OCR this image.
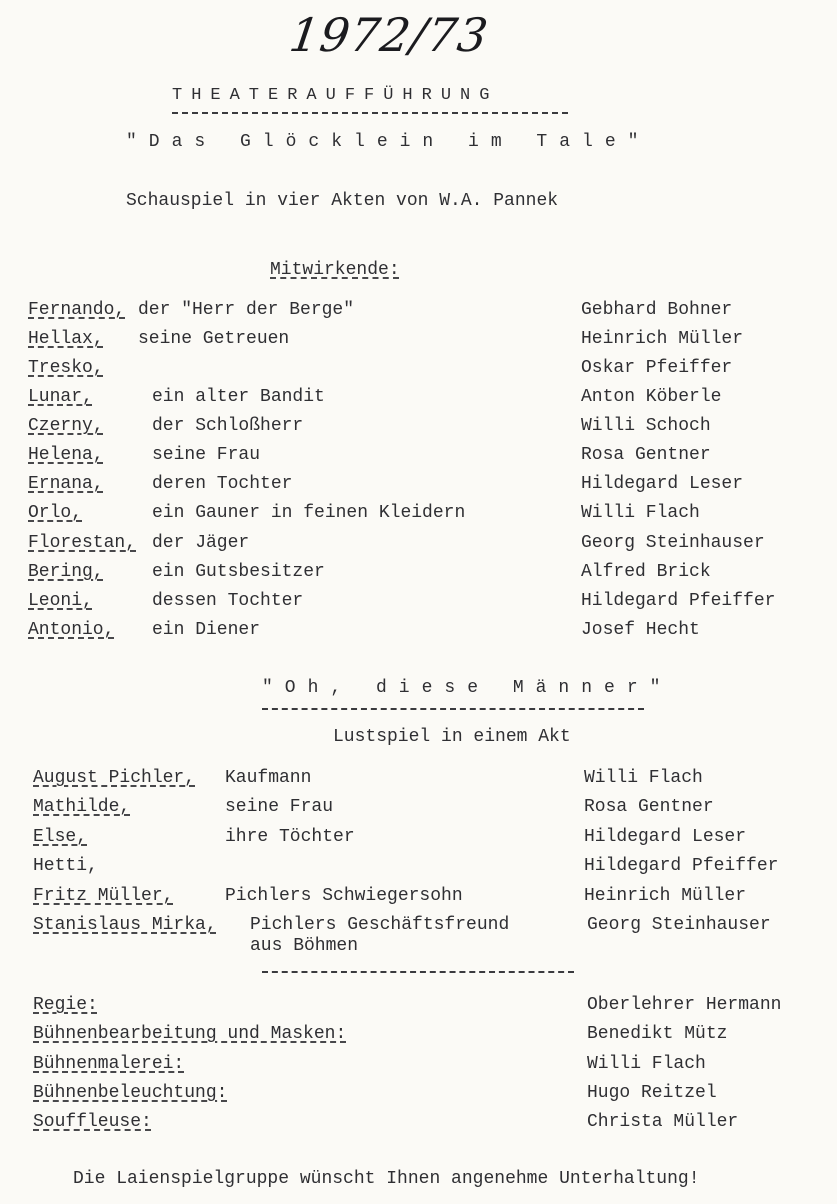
1972/73
THEATERAUFFÜHRUNG
"Das Glöcklein im Tale"
Schauspiel in vier Akten von W.A. Pannek
Mitwirkende:
Fernando, der "Herr der Berge"	Gebhard Bohner
Hellax, seine Getreuen	Heinrich Müller
Tresko,	Oskar Pfeiffer
Lunar,	ein alter Bandit	Anton Köberle
Czerny,	der Schloßherr	Willi Schoch
Helena,	seine Frau	Rosa Gentner
Ernana,	deren Tochter	Hildegard Leser
Orlo,	ein Gauner in feinen Kleidern	Willi Flach
Florestan, der Jäger	Georg Steinhauser
Bering,	ein Gutsbesitzer	Alfred Brick
Leoni,	dessen Tochter	Hildegard Pfeiffer
Antonio, ein Diener	Josef Hecht
"Oh, diese Männer"
Lustspiel in einem Akt
August Pichler, Kaufmann	Willi Flach
Mathilde,	seine Frau	Rosa Gentner
Else,	ihre Töchter	Hildegard Leser
Hetti,	Hildegard Pfeiffer
Fritz Müller,	Pichlers Schwiegersohn	Heinrich Müller
Stanislaus Mirka, Pichlers Geschäftsfreund	Georg Steinhauser
aus Böhmen
Regie:	Oberlehrer Hermann
Bühnenbearbeitung und Masken:	Benedikt Mütz
Bühnenmalerei:	Willi Flach
Bühnenbeleuchtung:	Hugo Reitzel
Souffleuse:	Christa Müller
Die Laienspielgruppe wünscht Ihnen angenehme Unterhaltung!
